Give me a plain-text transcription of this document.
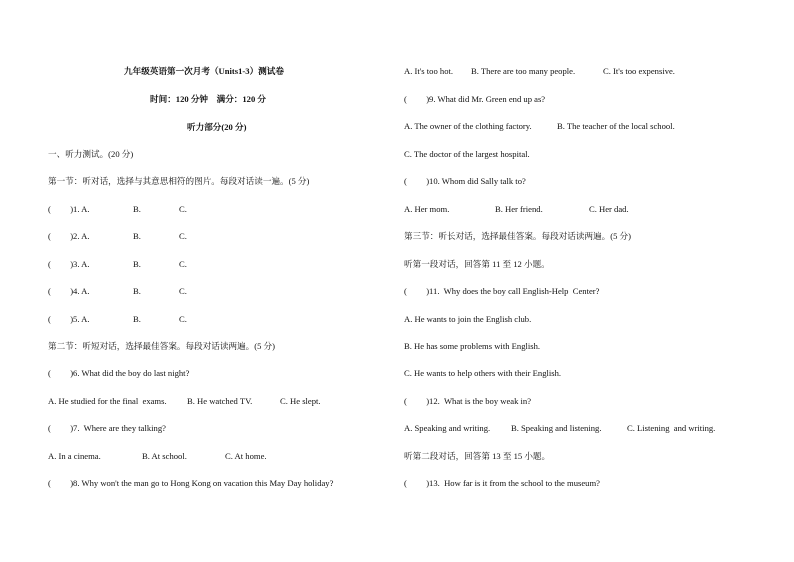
九年级英语第一次月考（Units1-3）测试卷
时间：120 分钟    满分：120 分
听力部分(20 分)
一、听力测试。(20 分)
第一节：听对话，选择与其意思相符的图片。每段对话读一遍。(5 分)
(         )1. A.	B.	C.
(         )2. A.	B.	C.
(         )3. A.	B.	C.
(         )4. A.	B.	C.
(         )5. A.	B.	C.
第二节：听短对话，选择最佳答案。每段对话读两遍。(5 分)
(         )6. What did the boy do last night?
A. He studied for the final  exams. B. He watched TV.	C. He slept.
(         )7.  Where are they talking?
A. In a cinema.	B. At school.	C. At home.
(         )8. Why won't the man go to Hong Kong on vacation this May Day holiday?
A. It's too hot. B. There are too many people.	C. It's too expensive.
(         )9. What did Mr. Green end up as?
A. The owner of the clothing factory.	B. The teacher of the local school.
C. The doctor of the largest hospital.
(         )10. Whom did Sally talk to?
A. Her mom.	B. Her friend.	C. Her dad.
第三节：听长对话，选择最佳答案。每段对话读两遍。(5 分)
听第一段对话，回答第 11 至 12 小题。
(         )11.  Why does the boy call English-Help  Center?
A. He wants to join the English club.
B. He has some problems with English.
C. He wants to help others with their English.
(         )12.  What is the boy weak in?
A. Speaking and writing. B. Speaking and listening.	C. Listening  and writing.
听第二段对话，回答第 13 至 15 小题。
(         )13.  How far is it from the school to the museum?
